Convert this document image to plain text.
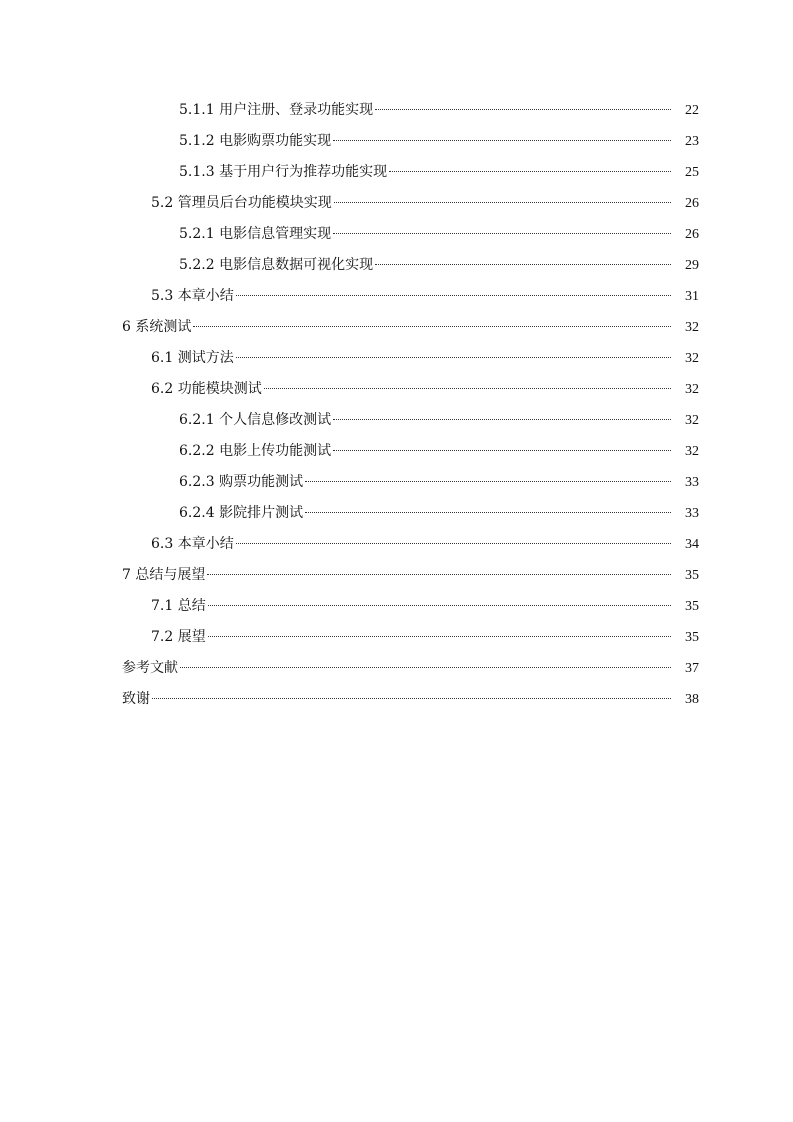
5.1.1 用户注册、登录功能实现	22
5.1.2 电影购票功能实现	23
5.1.3 基于用户行为推荐功能实现	25
5.2 管理员后台功能模块实现	26
5.2.1 电影信息管理实现	26
5.2.2 电影信息数据可视化实现	29
5.3 本章小结	31
6 系统测试	32
6.1 测试方法	32
6.2 功能模块测试	32
6.2.1 个人信息修改测试	32
6.2.2 电影上传功能测试	32
6.2.3 购票功能测试	33
6.2.4 影院排片测试	33
6.3 本章小结	34
7 总结与展望	35
7.1 总结	35
7.2 展望	35
参考文献	37
致谢	38
